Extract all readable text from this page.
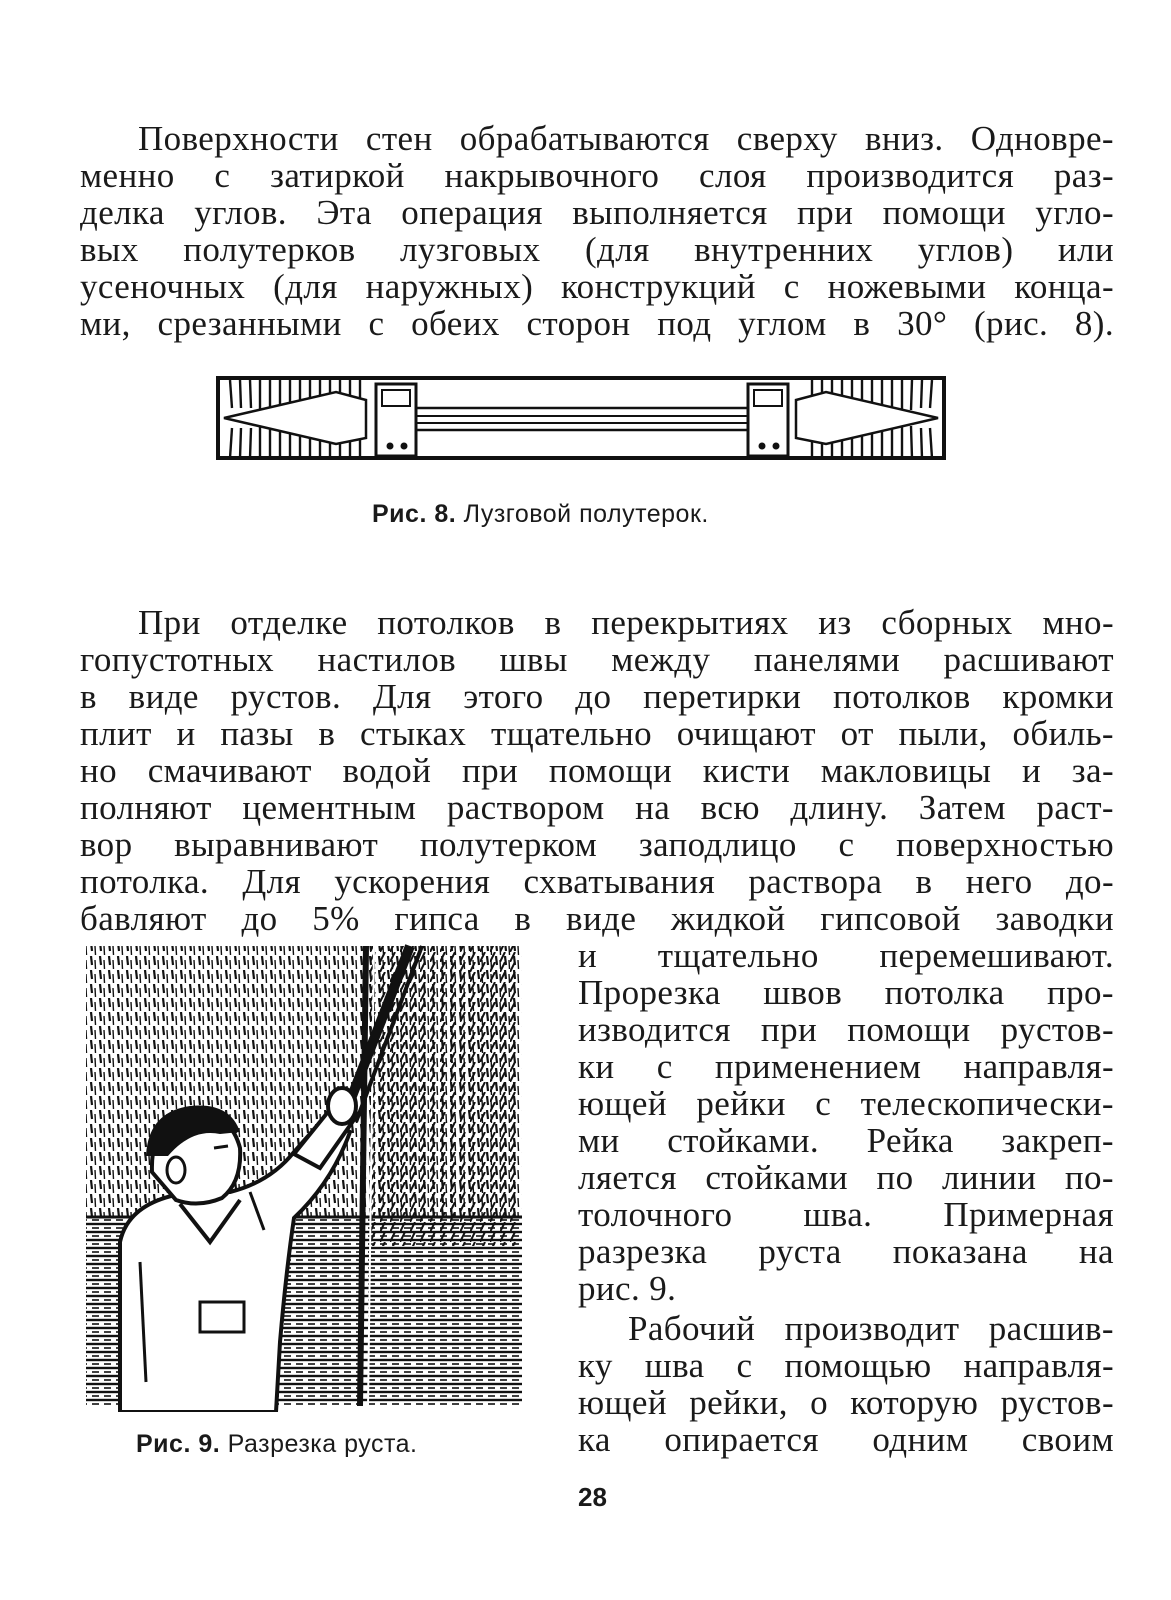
Поверхности стен обрабатываются сверху вниз. Одновре-
менно с затиркой накрывочного слоя производится раз-
делка углов. Эта операция выполняется при помощи угло-
вых полутерков лузговых (для внутренних углов) или
усеночных (для наружных) конструкций с ножевыми конца-
ми, срезанными с обеих сторон под углом в 30° (рис. 8).

Рис. 8. Лузговой полутерок.

При отделке потолков в перекрытиях из сборных мно-
гопустотных настилов швы между панелями расшивают
в виде рустов. Для этого до перетирки потолков кромки
плит и пазы в стыках тщательно очищают от пыли, обиль-
но смачивают водой при помощи кисти макловицы и за-
полняют цементным раствором на всю длину. Затем раст-
вор выравнивают полутерком заподлицо с поверхностью
потолка. Для ускорения схватывания раствора в него до-
бавляют до 5% гипса в виде жидкой гипсовой заводки
и тщательно перемешивают.
Прорезка швов потолка про-
изводится при помощи рустов-
ки с применением направля-
ющей рейки с телескопически-
ми стойками. Рейка закреп-
ляется стойками по линии по-
толочного шва. Примерная
разрезка руста показана на
рис. 9.
Рабочий производит расшив-
ку шва с помощью направля-
ющей рейки, о которую рустов-
ка опирается одним своим

Рис. 9. Разрезка руста.

28
